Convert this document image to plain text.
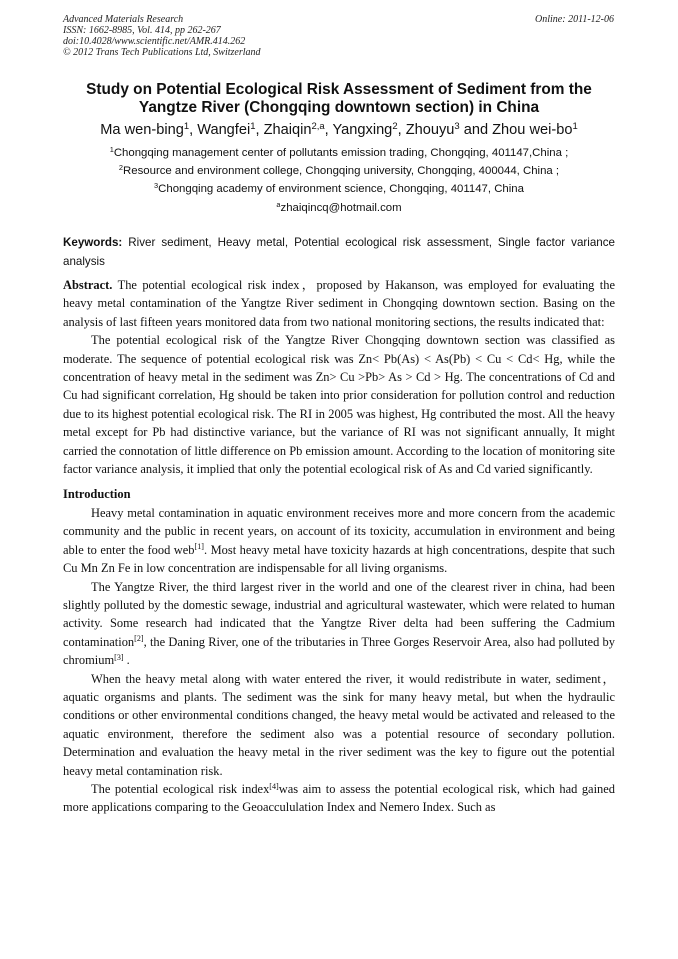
Advanced Materials Research
ISSN: 1662-8985, Vol. 414, pp 262-267
doi:10.4028/www.scientific.net/AMR.414.262
© 2012 Trans Tech Publications Ltd, Switzerland
Online: 2011-12-06
Study on Potential Ecological Risk Assessment of Sediment from the
Yangtze River (Chongqing downtown section) in China
Ma wen-bing$^1$, Wangfei$^1$, Zhaiqin$^{2,a}$, Yangxing$^2$, Zhouyu$^3$ and Zhou wei-$bo^1$
$^1$Chongqing management center of pollutants emission trading, Chongqing, 401147,China ;
$^2$Resource and environment college, Chongqing university, Chongqing, 400044, China ;
$^3$Chongqing academy of environment science, Chongqing, 401147, China
$^a$zhaiqincq@hotmail.com
Keywords: River sediment, Heavy metal, Potential ecological risk assessment, Single factor variance analysis

Abstract. The potential ecological risk index，proposed by Hakanson, was employed for evaluating the heavy metal contamination of the Yangtze River sediment in Chongqing downtown section. Basing on the analysis of last fifteen years monitored data from two national monitoring sections, the results indicated that:

The potential ecological risk of the Yangtze River Chongqing downtown section was classified as moderate. The sequence of potential ecological risk was Zn< Pb(As) < As(Pb) < Cu < Cd< Hg, while the concentration of heavy metal in the sediment was Zn> Cu >Pb> As > Cd > Hg. The concentrations of Cd and Cu had significant correlation, Hg should be taken into prior consideration for pollution control and reduction due to its highest potential ecological risk. The RI in 2005 was highest, Hg contributed the most. All the heavy metal except for Pb had distinctive variance, but the variance of RI was not significant annually, It might carried the connotation of little difference on Pb emission amount. According to the location of monitoring site factor variance analysis, it implied that only the potential ecological risk of As and Cd varied significantly.

Introduction

Heavy metal contamination in aquatic environment receives more and more concern from the academic community and the public in recent years, on account of its toxicity, accumulation in environment and being able to enter the food web[1]. Most heavy metal have toxicity hazards at high concentrations, despite that such Cu Mn Zn Fe in low concentration are indispensable for all living organisms.

The Yangtze River, the third largest river in the world and one of the clearest river in china, had been slightly polluted by the domestic sewage, industrial and agricultural wastewater, which were related to human activity. Some research had indicated that the Yangtze River delta had been suffering the Cadmium contamination[2], the Daning River, one of the tributaries in Three Gorges Reservoir Area, also had polluted by chromium[3] .

When the heavy metal along with water entered the river, it would redistribute in water, sediment，aquatic organisms and plants. The sediment was the sink for many heavy metal, but when the hydraulic conditions or other environmental conditions changed, the heavy metal would be activated and released to the aquatic environment, therefore the sediment also was a potential resource of secondary pollution. Determination and evaluation the heavy metal in the river sediment was the key to figure out the potential heavy metal contamination risk.

The potential ecological risk index[4]was aim to assess the potential ecological risk, which had gained more applications comparing to the Geoaccululation Index and Nemero Index. Such as
